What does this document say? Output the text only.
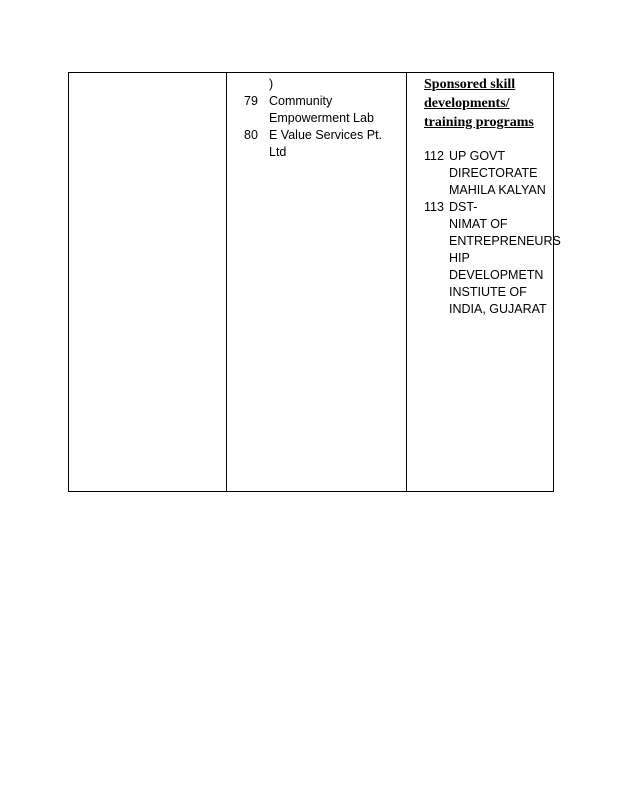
)
79 Community
Empowerment Lab
80 E Value Services Pt.
Ltd
Sponsored skill
developments/
training programs
112 UP GOVT
DIRECTORATE
MAHILA KALYAN
113 DST-
NIMAT OF
ENTREPRENEURS
HIP
DEVELOPMETN
INSTIUTE OF
INDIA, GUJARAT
